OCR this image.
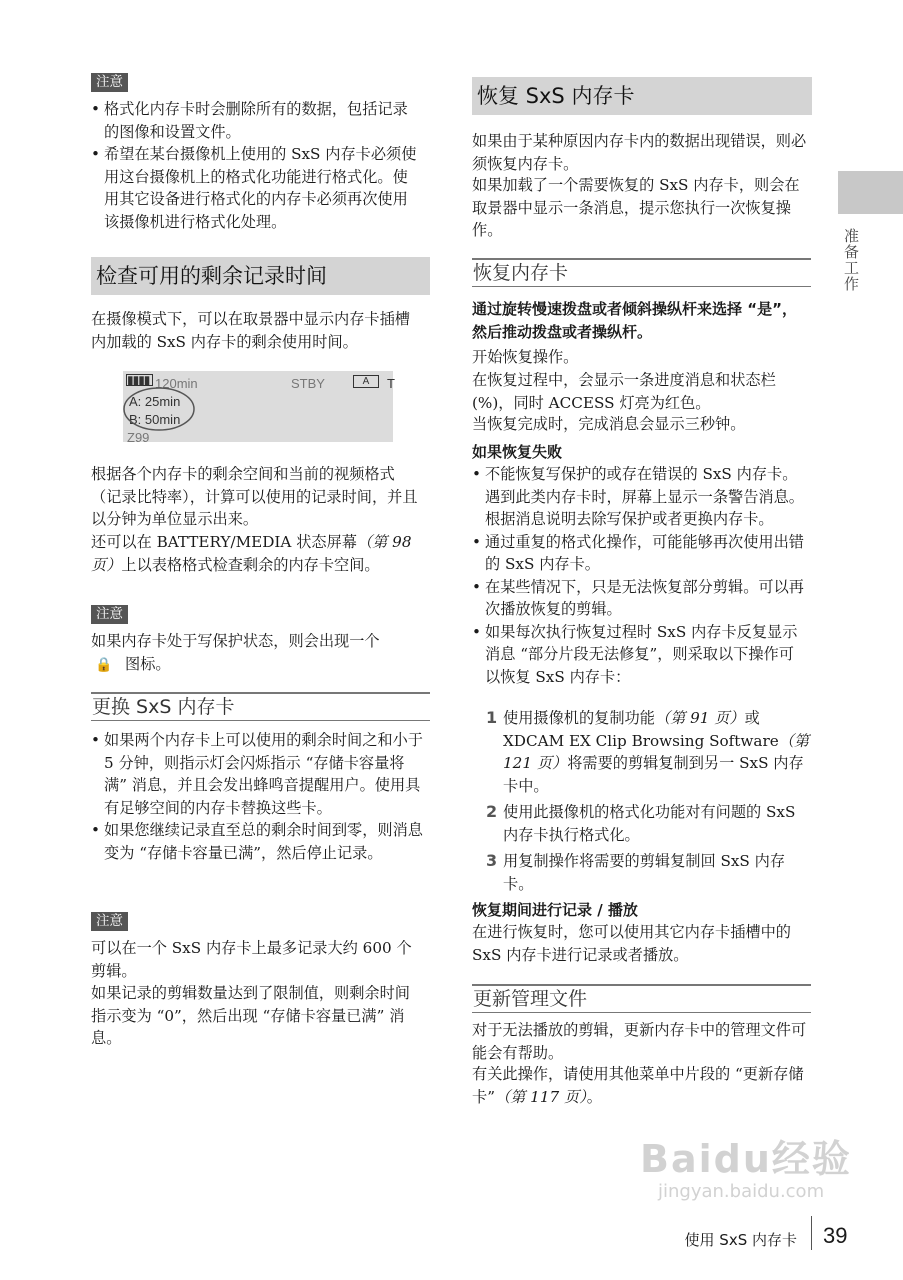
注意
• 格式化内存卡时会删除所有的数据，包括记录的图像和设置文件。
• 希望在某台摄像机上使用的 SxS 内存卡必须使用这台摄像机上的格式化功能进行格式化。使用其它设备进行格式化的内存卡必须再次使用该摄像机进行格式化处理。
检查可用的剩余记录时间

在摄像模式下，可以在取景器中显示内存卡插槽内加载的 SxS 内存卡的剩余使用时间。

▮▮▮▮ 120min	STBY	A	T
A: 25min
B: 50min
Z99

根据各个内存卡的剩余空间和当前的视频格式（记录比特率），计算可以使用的记录时间，并且以分钟为单位显示出来。

还可以在 BATTERY/MEDIA 状态屏幕（第 98 页）上以表格格式检查剩余的内存卡空间。

注意

如果内存卡处于写保护状态，则会出现一个
🔒 图标。

更换 SxS 内存卡
• 如果两个内存卡上可以使用的剩余时间之和小于 5 分钟，则指示灯会闪烁指示 “存储卡容量将满” 消息，并且会发出蜂鸣音提醒用户。使用具有足够空间的内存卡替换这些卡。
• 如果您继续记录直至总的剩余时间到零，则消息变为 “存储卡容量已满”，然后停止记录。
注意

可以在一个 SxS 内存卡上最多记录大约 600 个剪辑。

如果记录的剪辑数量达到了限制值，则剩余时间指示变为 “0”，然后出现 “存储卡容量已满” 消息。

恢复 SxS 内存卡

如果由于某种原因内存卡内的数据出现错误，则必须恢复内存卡。

如果加载了一个需要恢复的 SxS 内存卡，则会在取景器中显示一条消息，提示您执行一次恢复操作。

恢复内存卡

通过旋转慢速拨盘或者倾斜操纵杆来选择 “是”，然后推动拨盘或者操纵杆。

开始恢复操作。

在恢复过程中，会显示一条进度消息和状态栏 (%)，同时 ACCESS 灯亮为红色。

当恢复完成时，完成消息会显示三秒钟。

如果恢复失败

• 不能恢复写保护的或存在错误的 SxS 内存卡。遇到此类内存卡时，屏幕上显示一条警告消息。根据消息说明去除写保护或者更换内存卡。
• 通过重复的格式化操作，可能能够再次使用出错的 SxS 内存卡。
• 在某些情况下，只是无法恢复部分剪辑。可以再次播放恢复的剪辑。
• 如果每次执行恢复过程时 SxS 内存卡反复显示消息 “部分片段无法修复”，则采取以下操作可以恢复 SxS 内存卡：
1 使用摄像机的复制功能（第 91 页）或 XDCAM EX Clip Browsing Software（第 121 页）将需要的剪辑复制到另一 SxS 内存卡中。
2 使用此摄像机的格式化功能对有问题的 SxS 内存卡执行格式化。
3 用复制操作将需要的剪辑复制回 SxS 内存卡。

恢复期间进行记录 / 播放

在进行恢复时，您可以使用其它内存卡插槽中的 SxS 内存卡进行记录或者播放。

更新管理文件

对于无法播放的剪辑，更新内存卡中的管理文件可能会有帮助。

有关此操作，请使用其他菜单中片段的 “更新存储卡”（第 117 页）。

准备工作
Baidu经验
jingyan.baidu.com
使用 SxS 内存卡 39
